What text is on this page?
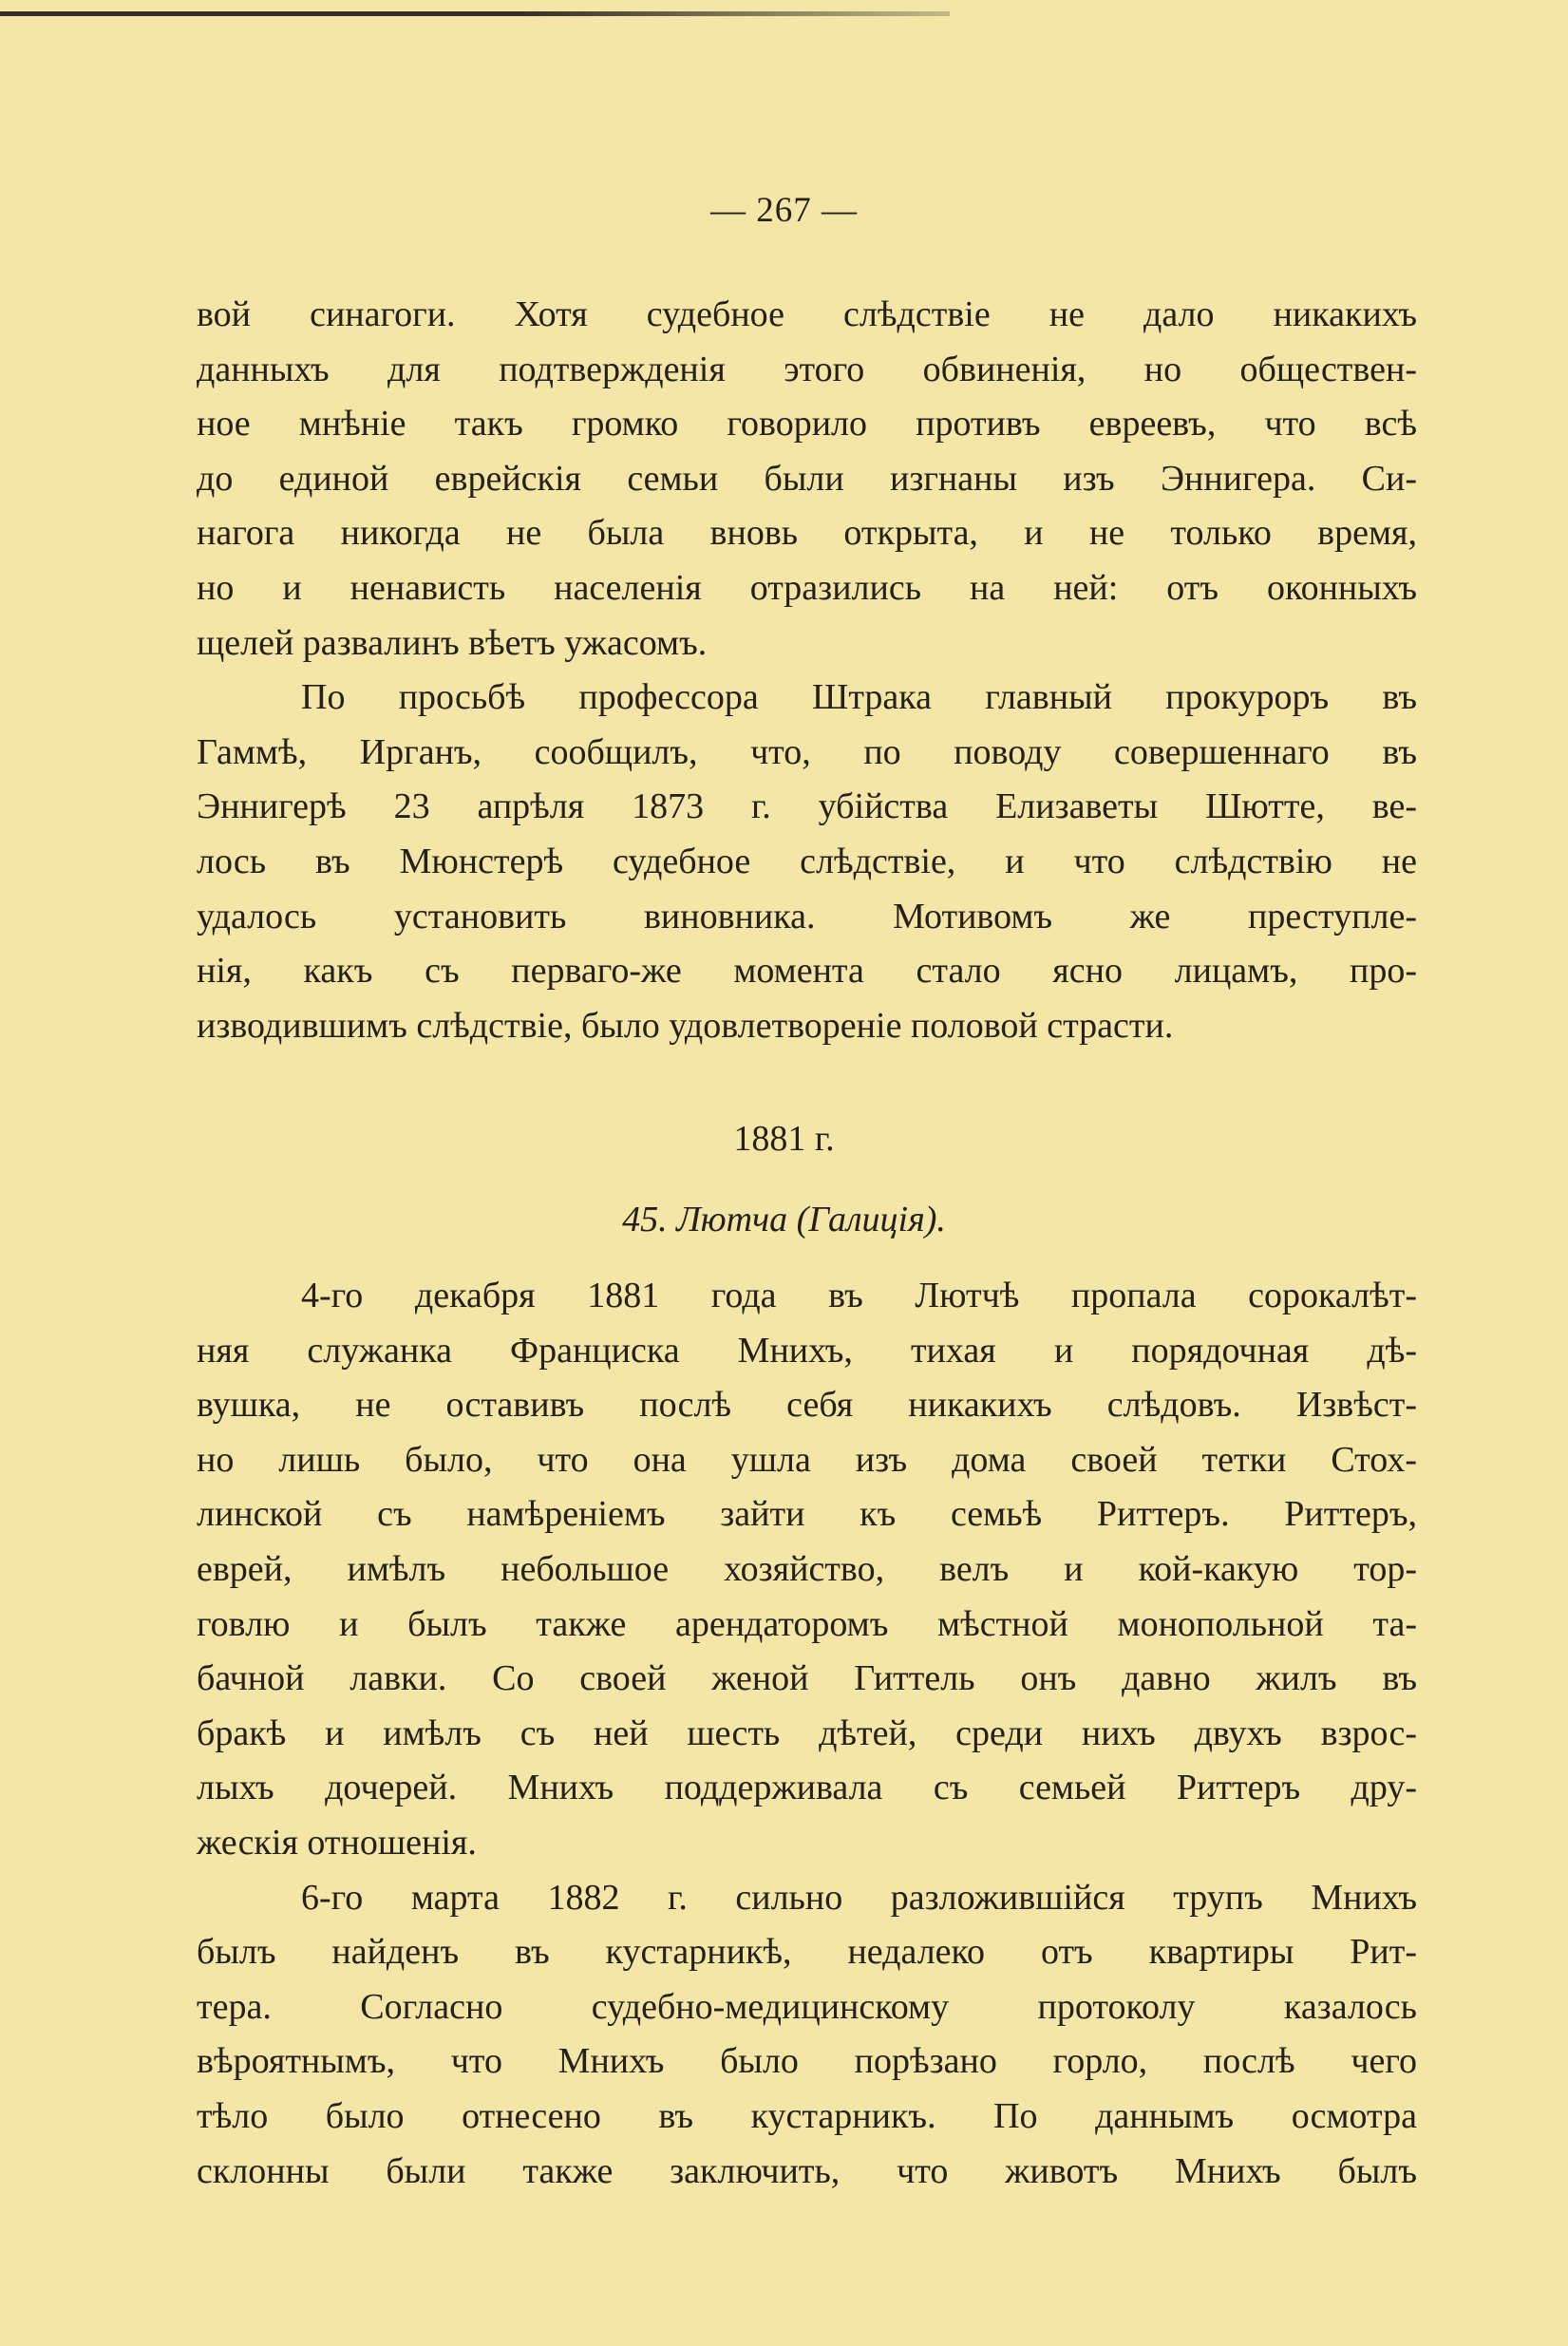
— 267 —
вой синагоги. Хотя судебное слѣдствіе не дало никакихъ
данныхъ для подтвержденія этого обвиненія, но обществен-
ное мнѣніе такъ громко говорило противъ евреевъ, что всѣ
до единой еврейскія семьи были изгнаны изъ Эннигера. Си-
нагога никогда не была вновь открыта, и не только время,
но и ненависть населенія отразились на ней: отъ оконныхъ
щелей развалинъ вѣетъ ужасомъ.
По просьбѣ профессора Штрака главный прокуроръ въ
Гаммѣ, Ирганъ, сообщилъ, что, по поводу совершеннаго въ
Эннигерѣ 23 апрѣля 1873 г. убійства Елизаветы Шютте, ве-
лось въ Мюнстерѣ судебное слѣдствіе, и что слѣдствію не
удалось установить виновника. Мотивомъ же преступле-
нія, какъ съ перваго-же момента стало ясно лицамъ, про-
изводившимъ слѣдствіе, было удовлетвореніе половой страсти.
1881 г.
45. Лютча (Галиція).
4-го декабря 1881 года въ Лютчѣ пропала сорокалѣт-
няя служанка Франциска Мнихъ, тихая и порядочная дѣ-
вушка, не оставивъ послѣ себя никакихъ слѣдовъ. Извѣст-
но лишь было, что она ушла изъ дома своей тетки Стох-
линской съ намѣреніемъ зайти къ семьѣ Риттеръ. Риттеръ,
еврей, имѣлъ небольшое хозяйство, велъ и кой-какую тор-
говлю и былъ также арендаторомъ мѣстной монопольной та-
бачной лавки. Со своей женой Гиттель онъ давно жилъ въ
бракѣ и имѣлъ съ ней шесть дѣтей, среди нихъ двухъ взрос-
лыхъ дочерей. Мнихъ поддерживала съ семьей Риттеръ дру-
жескія отношенія.
6-го марта 1882 г. сильно разложившійся трупъ Мнихъ
былъ найденъ въ кустарникѣ, недалеко отъ квартиры Рит-
тера. Согласно судебно-медицинскому протоколу казалось
вѣроятнымъ, что Мнихъ было порѣзано горло, послѣ чего
тѣло было отнесено въ кустарникъ. По даннымъ осмотра
склонны были также заключить, что животъ Мнихъ былъ
